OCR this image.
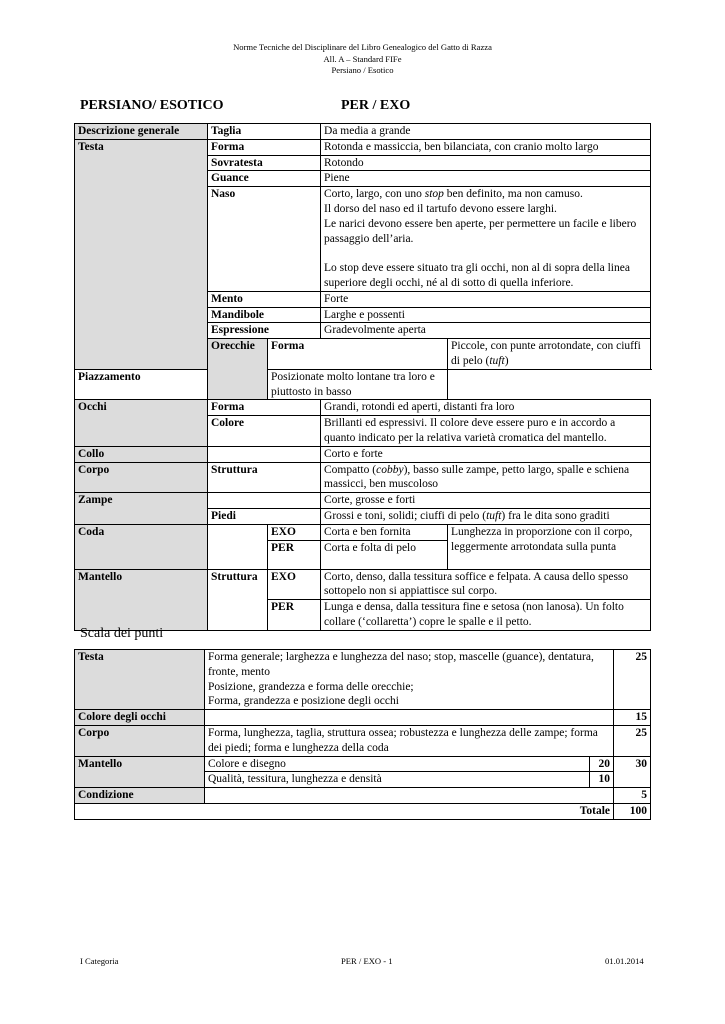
Norme Tecniche del Disciplinare del Libro Genealogico del Gatto di Razza
All. A – Standard FIFe
Persiano / Esotico
PERSIANO/ ESOTICO	PER / EXO
Descrizione generale	Taglia		Da media a grande	
Testa	Forma		Rotonda e massiccia, ben bilanciata, con cranio molto largo	
	Sovratesta		Rotondo	
	Guance		Piene	
	Naso		Corto, largo, con uno stop ben definito, ma non camuso.
Il dorso del naso ed il tartufo devono essere larghi.
Le narici devono essere ben aperte, per permettere un facile e libero passaggio dell’aria.
Lo stop deve essere situato tra gli occhi, non al di sopra della linea superiore degli occhi, né al di sotto di quella inferiore.	

	Mento		Forte	
	Mandibole		Larghe e possenti	
	Espressione		Gradevolmente aperta	
	Orecchie	Forma		Piccole, con punte arrotondate, con ciuffi di pelo (tuft)
Piazzamento		Posizionate molto lontane tra loro e piuttosto in basso		
Occhi	Forma		Grandi, rotondi ed aperti, distanti fra loro	
	Colore		Brillanti ed espressivi. Il colore deve essere puro e in accordo a quanto indicato per la relativa varietà cromatica del mantello.	
Collo			Corto e forte	
Corpo	Struttura		Compatto (cobby), basso sulle zampe, petto largo, spalle e schiena massicci, ben muscoloso	
Zampe			Corte, grosse e forti	
	Piedi		Grossi e toni, solidi; ciuffi di pelo (tuft) fra le dita sono graditi	
Coda		EXO	Corta e ben fornita	Lunghezza in proporzione con il corpo, leggermente arrotondata sulla punta
		PER	Corta e folta di pelo	
Mantello	Struttura	EXO	Corto, denso, dalla tessitura soffice e felpata. A causa dello spesso sottopelo non si appiattisce sul corpo.	
		PER	Lunga e densa, dalla tessitura fine e setosa (non lanosa). Un folto collare (‘collaretta’) copre le spalle e il petto.	
Scala dei punti
Testa	Forma generale; larghezza e lunghezza del naso; stop, mascelle (guance), dentatura, fronte, mento
Posizione, grandezza e forma delle orecchie;
Forma, grandezza e posizione degli occhi		25
Colore degli occhi			15
Corpo	Forma, lunghezza, taglia, struttura ossea; robustezza e lunghezza delle zampe; forma dei piedi; forma e lunghezza della coda		25
Mantello	Colore e disegno	20	30
	Qualità, tessitura, lunghezza e densità	10	
Condizione			5
Totale			100
I Categoria	PER / EXO - 1	01.01.2014
